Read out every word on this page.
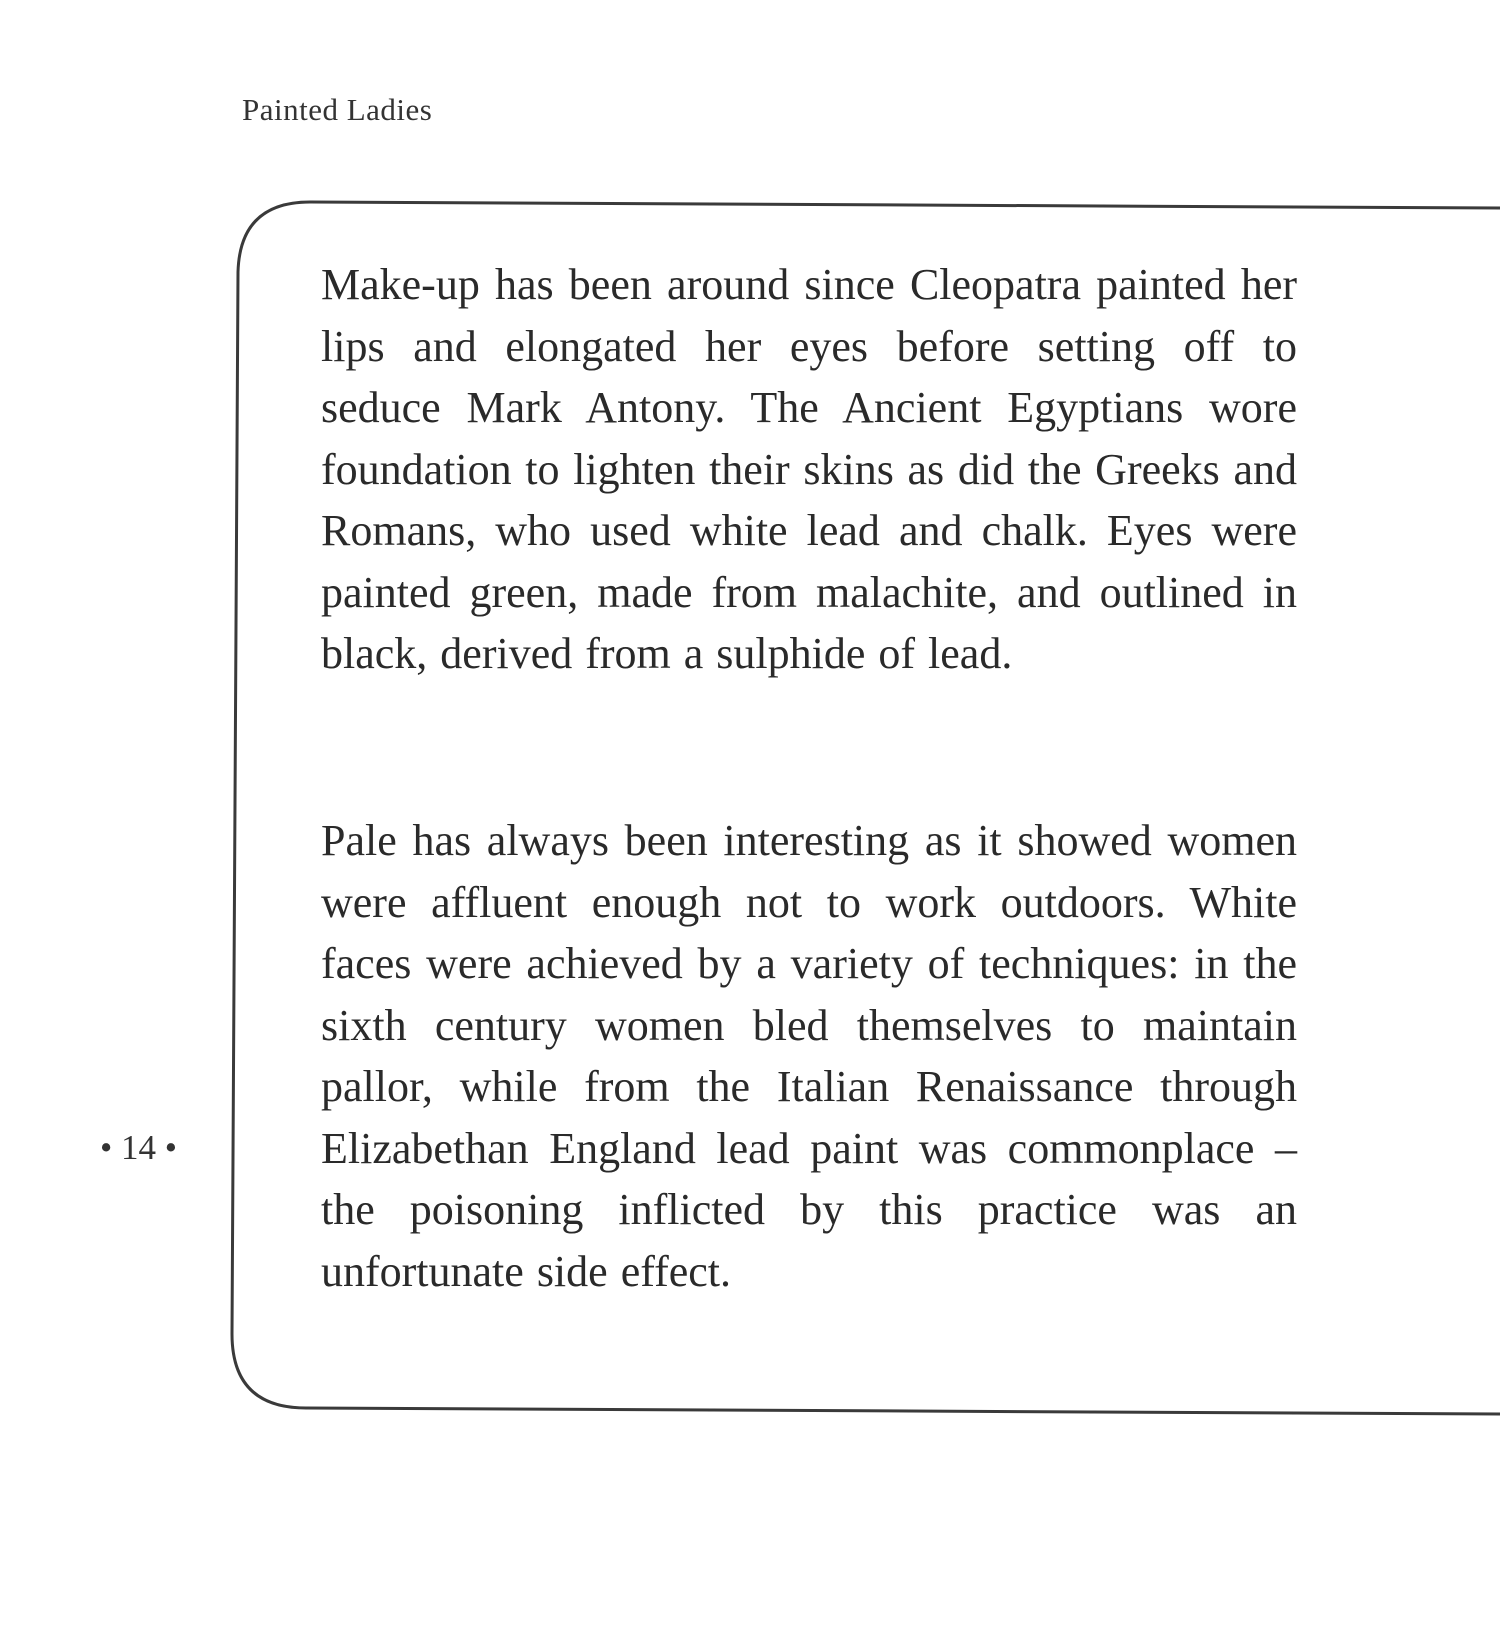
Painted Ladies

Make-up has been around since Cleopatra painted her lips and elongated her eyes before setting off to seduce Mark Antony. The Ancient Egyptians wore foundation to lighten their skins as did the Greeks and Romans, who used white lead and chalk. Eyes were painted green, made from malachite, and outlined in black, derived from a sulphide of lead.

Pale has always been interesting as it showed women were affluent enough not to work outdoors. White faces were achieved by a variety of techniques: in the sixth century women bled themselves to maintain pallor, while from the Italian Renaissance through Elizabethan England lead paint was commonplace – the poisoning inflicted by this practice was an unfortunate side effect.

• 14 •
